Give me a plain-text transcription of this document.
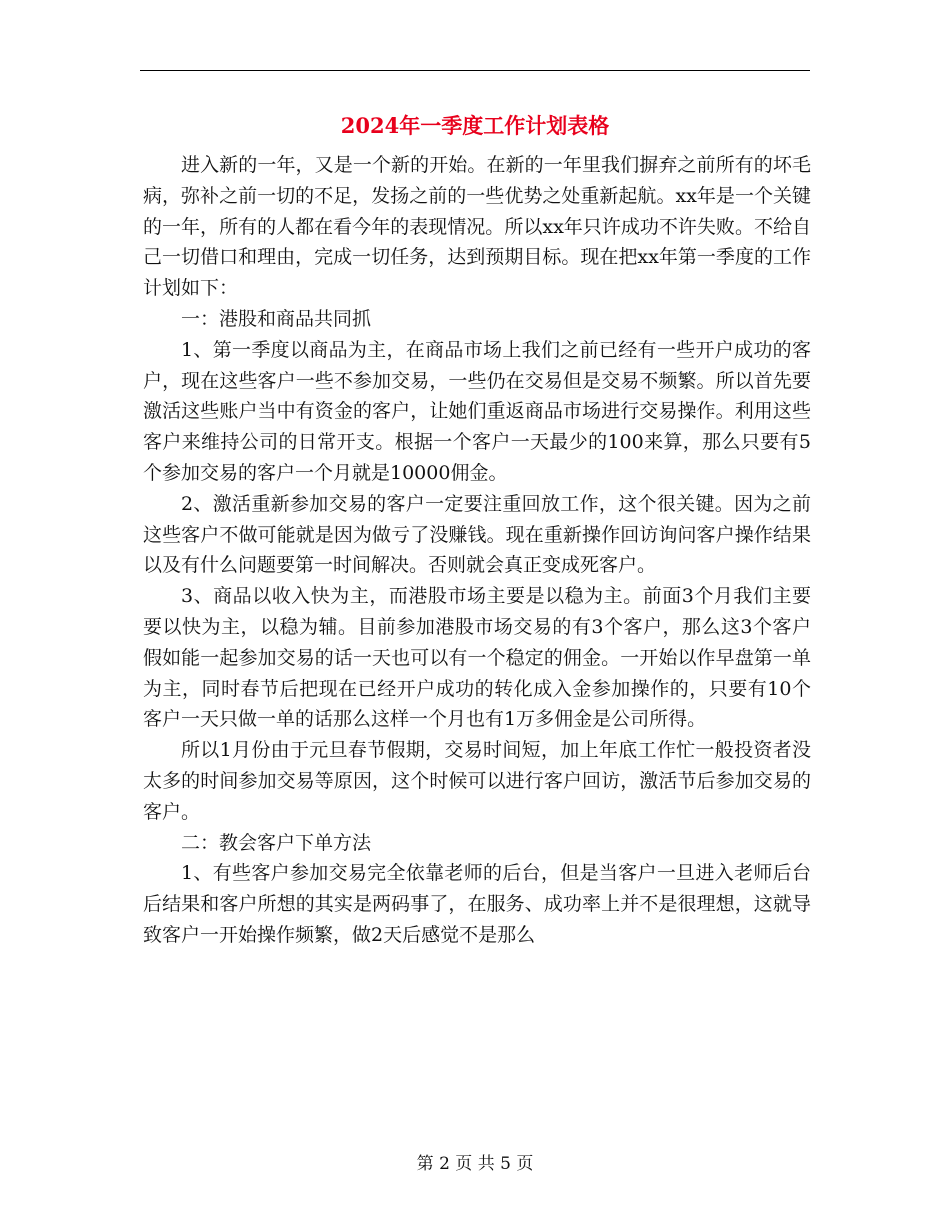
2024年一季度工作计划表格

进入新的一年，又是一个新的开始。在新的一年里我们摒弃之前所有的坏毛病，弥补之前一切的不足，发扬之前的一些优势之处重新起航。xx年是一个关键的一年，所有的人都在看今年的表现情况。所以xx年只许成功不许失败。不给自己一切借口和理由，完成一切任务，达到预期目标。现在把xx年第一季度的工作计划如下：

一：港股和商品共同抓

1、第一季度以商品为主，在商品市场上我们之前已经有一些开户成功的客户，现在这些客户一些不参加交易，一些仍在交易但是交易不频繁。所以首先要激活这些账户当中有资金的客户，让她们重返商品市场进行交易操作。利用这些客户来维持公司的日常开支。根据一个客户一天最少的100来算，那么只要有5个参加交易的客户一个月就是10000佣金。

2、激活重新参加交易的客户一定要注重回放工作，这个很关键。因为之前这些客户不做可能就是因为做亏了没赚钱。现在重新操作回访询问客户操作结果以及有什么问题要第一时间解决。否则就会真正变成死客户。

3、商品以收入快为主，而港股市场主要是以稳为主。前面3个月我们主要要以快为主，以稳为辅。目前参加港股市场交易的有3个客户，那么这3个客户假如能一起参加交易的话一天也可以有一个稳定的佣金。一开始以作早盘第一单为主，同时春节后把现在已经开户成功的转化成入金参加操作的，只要有10个客户一天只做一单的话那么这样一个月也有1万多佣金是公司所得。

所以1月份由于元旦春节假期，交易时间短，加上年底工作忙一般投资者没太多的时间参加交易等原因，这个时候可以进行客户回访，激活节后参加交易的客户。

二：教会客户下单方法

1、有些客户参加交易完全依靠老师的后台，但是当客户一旦进入老师后台后结果和客户所想的其实是两码事了，在服务、成功率上并不是很理想，这就导致客户一开始操作频繁，做2天后感觉不是那么

第 2 页 共 5 页
